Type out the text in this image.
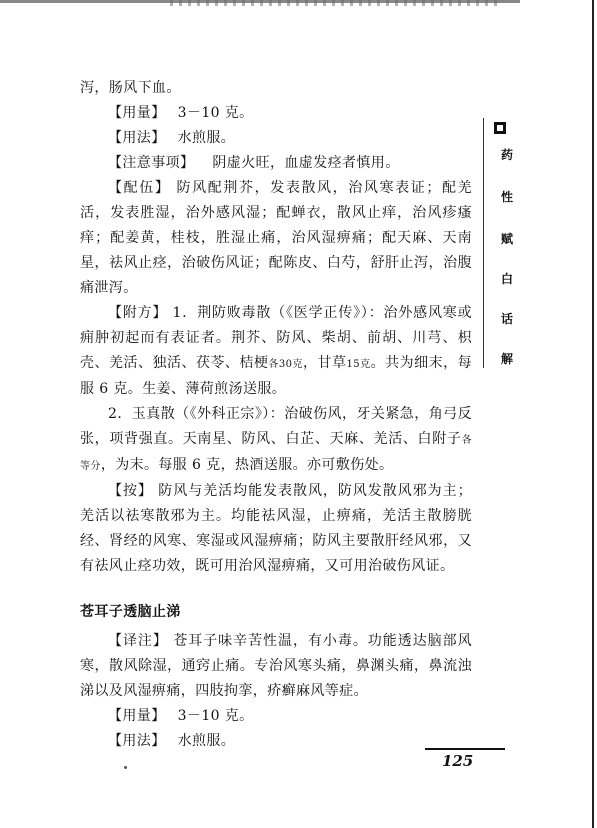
泻，肠风下血。

【用量】 3－10 克。

【用法】 水煎服。

【注意事项】 阴虚火旺，血虚发痉者慎用。

【配伍】 防风配荆芥，发表散风，治风寒表证；配羌活，发表胜湿，治外感风湿；配蝉衣，散风止痒，治风疹瘙痒；配姜黄，桂枝，胜湿止痛，治风湿痹痛；配天麻、天南星，祛风止痉，治破伤风证；配陈皮、白芍，舒肝止泻，治腹痛泄泻。

【附方】 1．荆防败毒散（《医学正传》）：治外感风寒或痈肿初起而有表证者。荆芥、防风、柴胡、前胡、川芎、枳壳、羌活、独活、茯苓、桔梗各30克，甘草15克。共为细末，每服 6 克。生姜、薄荷煎汤送服。

2．玉真散（《外科正宗》）：治破伤风，牙关紧急，角弓反张，项背强直。天南星、防风、白芷、天麻、羌活、白附子各等分，为末。每服 6 克，热酒送服。亦可敷伤处。

【按】 防风与羌活均能发表散风，防风发散风邪为主；羌活以祛寒散邪为主。均能祛风湿，止痹痛，羌活主散膀胱经、肾经的风寒、寒湿或风湿痹痛；防风主要散肝经风邪，又有祛风止痉功效，既可用治风湿痹痛，又可用治破伤风证。

苍耳子透脑止涕

【译注】 苍耳子味辛苦性温，有小毒。功能透达脑部风寒，散风除湿，通窍止痛。专治风寒头痛，鼻渊头痛，鼻流浊涕以及风湿痹痛，四肢拘挛，疥癣麻风等症。

【用量】 3－10 克。

【用法】 水煎服。

药
性
赋
白
话
解
125
